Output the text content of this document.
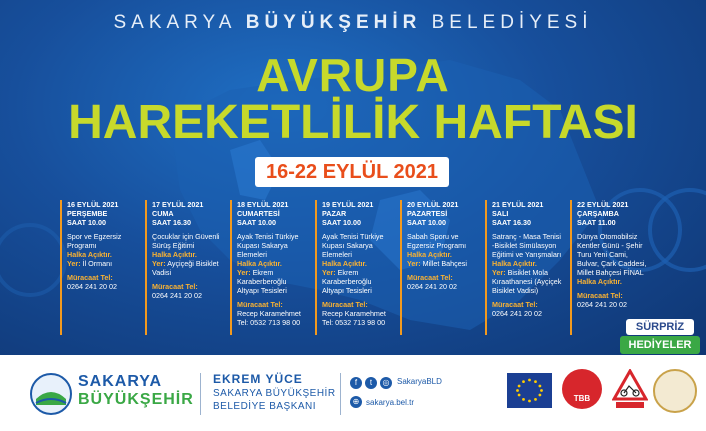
SAKARYA BÜYÜKŞEHİR BELEDİYESİ
AVRUPA
HAREKETLİLİK HAFTASI
16-22 EYLÜL 2021
16 EYLÜL 2021
PERŞEMBE
SAAT 10.00
Spor ve Egzersiz Programı
Halka Açıktır.
Yer: İl Ormanı
Müracaat Tel:
0264 241 20 02
17 EYLÜL 2021
CUMA
SAAT 16.30
Çocuklar için Güvenli Sürüş Eğitimi
Halka Açıktır.
Yer: Ayçiçeği Bisiklet Vadisi
Müracaat Tel:
0264 241 20 02
18 EYLÜL 2021
CUMARTESİ
SAAT 10.00
Ayak Tenisi Türkiye Kupası Sakarya Elemeleri
Halka Açıktır.
Yer: Ekrem Karaberberoğlu Altyapı Tesisleri
Müracaat Tel:
Recep Karamehmet Tel: 0532 713 98 00
19 EYLÜL 2021
PAZAR
SAAT 10.00
Ayak Tenisi Türkiye Kupası Sakarya Elemeleri
Halka Açıktır.
Yer: Ekrem Karaberberoğlu Altyapı Tesisleri
Müracaat Tel:
Recep Karamehmet Tel: 0532 713 98 00
20 EYLÜL 2021
PAZARTESİ
SAAT 10.00
Sabah Sporu ve Egzersiz Programı
Halka Açıktır.
Yer: Millet Bahçesi
Müracaat Tel:
0264 241 20 02
21 EYLÜL 2021
SALI
SAAT 16.30
Satranç - Masa Tenisi -Bisiklet Simülasyon Eğitimi ve Yarışmaları
Halka Açıktır.
Yer: Bisiklet Mola Kıraathanesi (Ayçiçek Bisiklet Vadisi)
Müracaat Tel:
0264 241 20 02
22 EYLÜL 2021
ÇARŞAMBA
SAAT 11.00
Dünya Otomobilsiz Kentler Günü - Şehir Turu Yeni Cami, Bulvar, Çark Caddesi, Millet Bahçesi FİNAL
Halka Açıktır.
Müracaat Tel:
0264 241 20 02
SÜRPRİZ
HEDİYELER
SAKARYA
BÜYÜKŞEHİR
EKREM YÜCE
SAKARYA BÜYÜKŞEHİR
BELEDİYE BAŞKANI
f	t	◎ SakaryaBLD
⊕ sakarya.bel.tr	TBB
